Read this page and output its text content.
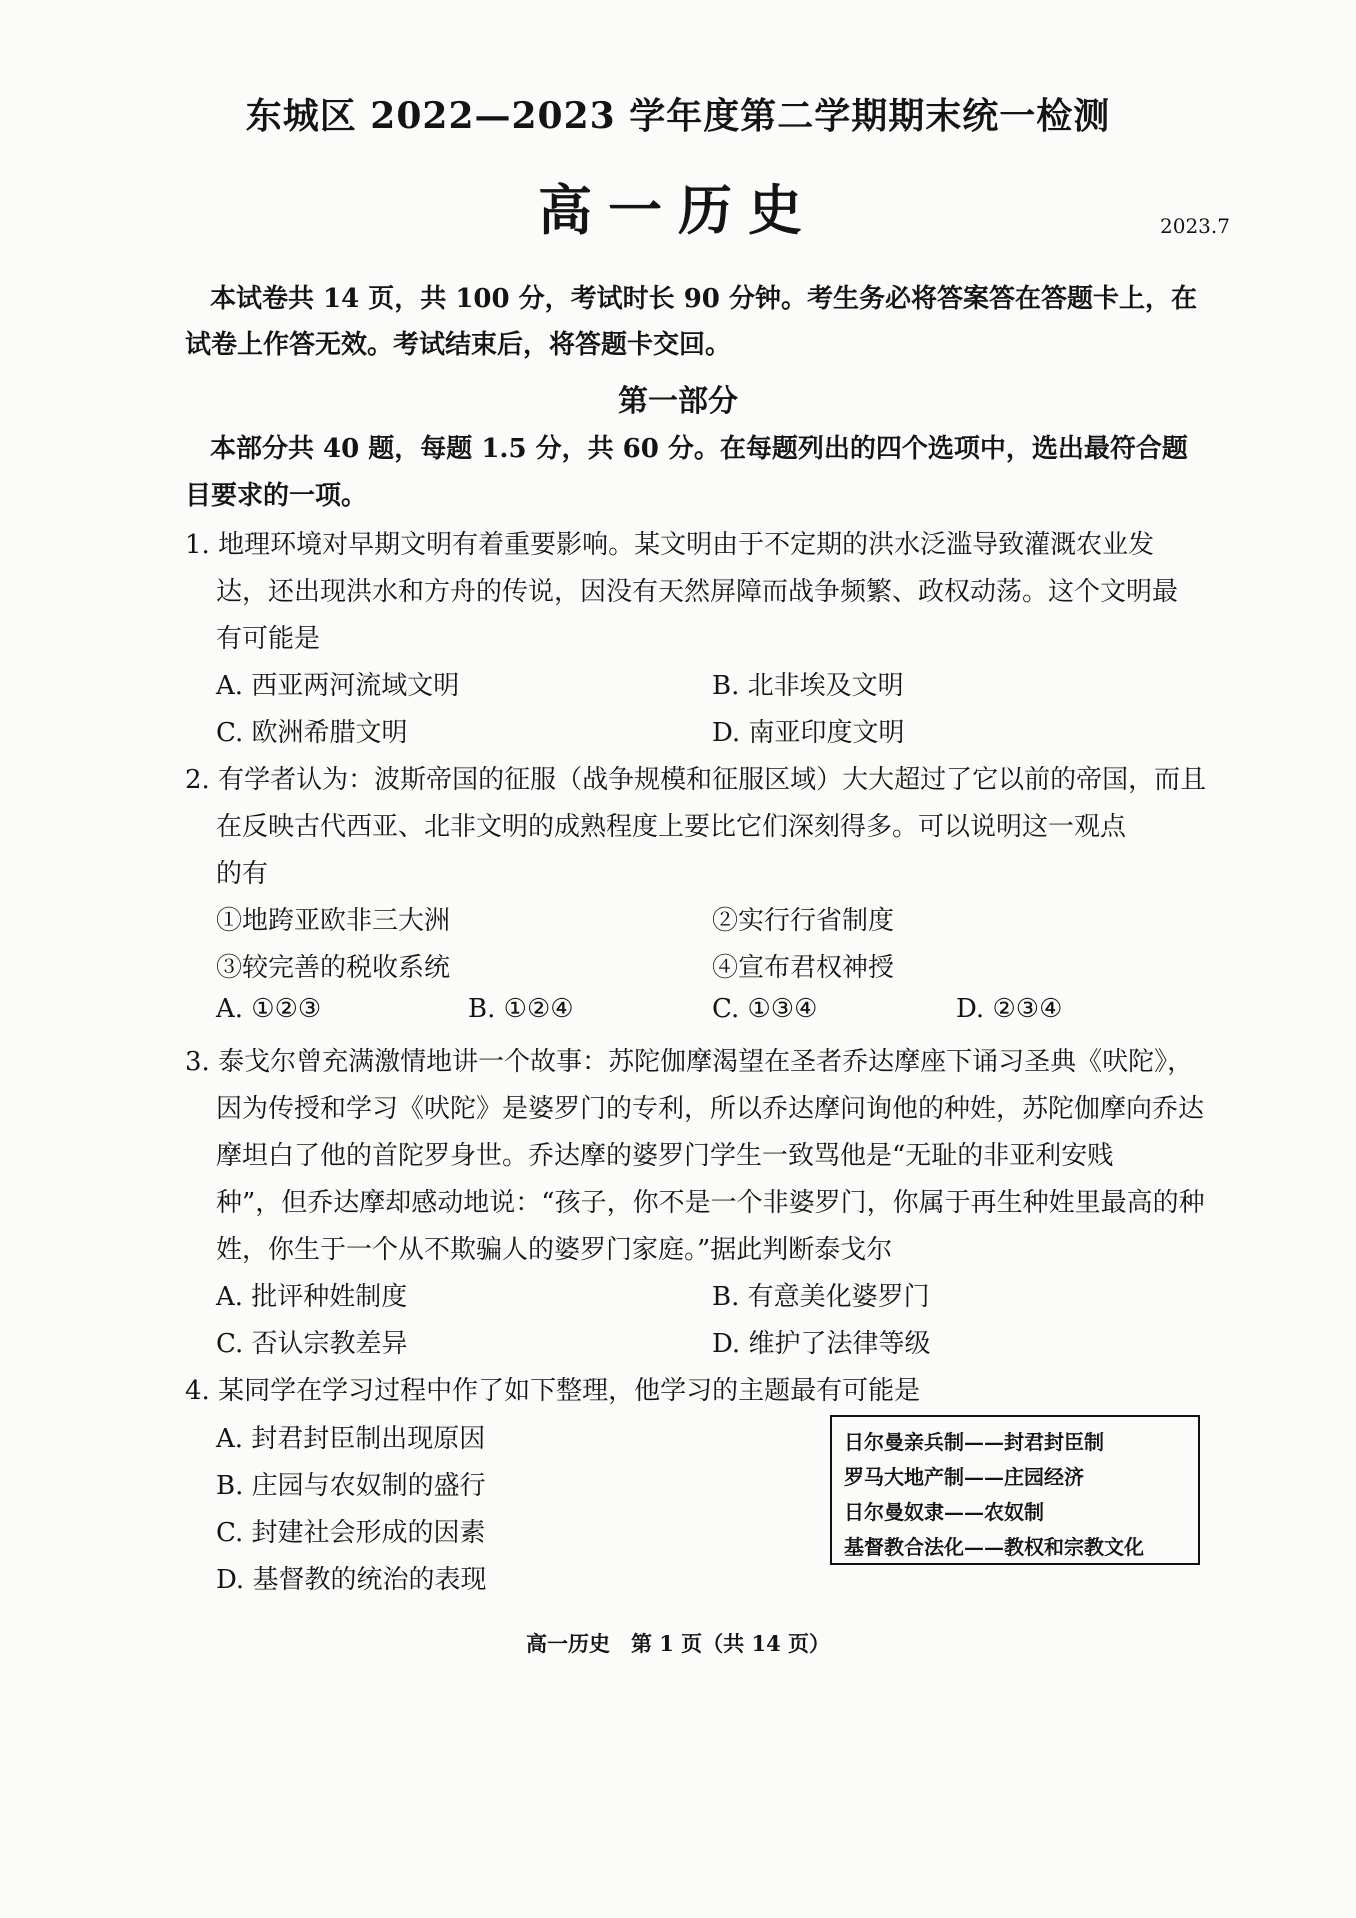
东城区 2022—2023 学年度第二学期期末统一检测
高一历史	2023.7
本试卷共 14 页，共 100 分，考试时长 90 分钟。考生务必将答案答在答题卡上，在
试卷上作答无效。考试结束后，将答题卡交回。
第一部分
本部分共 40 题，每题 1.5 分，共 60 分。在每题列出的四个选项中，选出最符合题
目要求的一项。
1. 地理环境对早期文明有着重要影响。某文明由于不定期的洪水泛滥导致灌溉农业发
达，还出现洪水和方舟的传说，因没有天然屏障而战争频繁、政权动荡。这个文明最
有可能是
A. 西亚两河流域文明	B. 北非埃及文明
C. 欧洲希腊文明	D. 南亚印度文明
2. 有学者认为：波斯帝国的征服（战争规模和征服区域）大大超过了它以前的帝国，而且
在反映古代西亚、北非文明的成熟程度上要比它们深刻得多。可以说明这一观点
的有
①地跨亚欧非三大洲	②实行行省制度
③较完善的税收系统	④宣布君权神授
A. ①②③	B. ①②④	C. ①③④	D. ②③④
3. 泰戈尔曾充满激情地讲一个故事：苏陀伽摩渴望在圣者乔达摩座下诵习圣典《吠陀》，
因为传授和学习《吠陀》是婆罗门的专利，所以乔达摩问询他的种姓，苏陀伽摩向乔达
摩坦白了他的首陀罗身世。乔达摩的婆罗门学生一致骂他是“无耻的非亚利安贱
种”，但乔达摩却感动地说：“孩子，你不是一个非婆罗门，你属于再生种姓里最高的种
姓，你生于一个从不欺骗人的婆罗门家庭。”据此判断泰戈尔
A. 批评种姓制度	B. 有意美化婆罗门
C. 否认宗教差异	D. 维护了法律等级
4. 某同学在学习过程中作了如下整理，他学习的主题最有可能是
A. 封君封臣制出现原因
B. 庄园与农奴制的盛行
C. 封建社会形成的因素
D. 基督教的统治的表现
日尔曼亲兵制——封君封臣制
罗马大地产制——庄园经济
日尔曼奴隶——农奴制
基督教合法化——教权和宗教文化
高一历史　第 1 页（共 14 页）
